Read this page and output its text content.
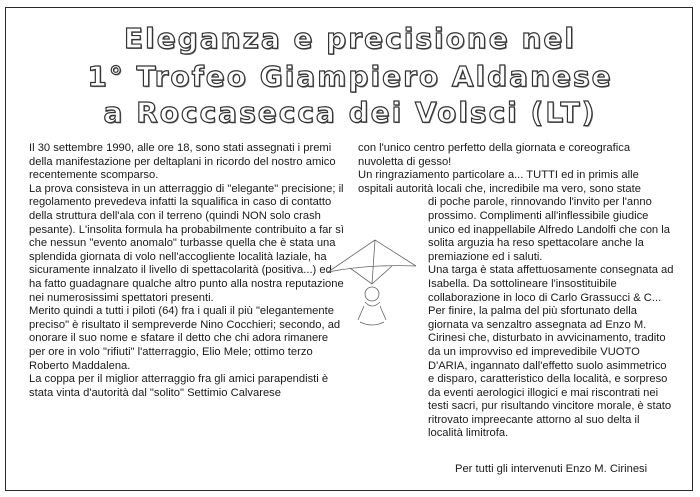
Eleganza e precisione nel
1° Trofeo Giampiero Aldanese
a Roccasecca dei Volsci (LT)

Il 30 settembre 1990, alle ore 18, sono stati assegnati i premi della manifestazione per deltaplani in ricordo del nostro amico recentemente scomparso.

La prova consisteva in un atterraggio di "elegante" precisione; il regolamento prevedeva infatti la squalifica in caso di contatto della struttura dell'ala con il terreno (quindi NON solo crash pesante). L'insolita formula ha probabilmente contribuito a far sì che nessun "evento anomalo" turbasse quella che è stata una splendida giornata di volo nell'accogliente località laziale, ha sicuramente innalzato il livello di spettacolarità (positiva...) ed ha fatto guadagnare qualche altro punto alla nostra reputazione nei numerosissimi spettatori presenti.

Merito quindi a tutti i piloti (64) fra i quali il più "elegantemente preciso" è risultato il sempreverde Nino Cocchieri; secondo, ad onorare il suo nome e sfatare il detto che chi adora rimanere per ore in volo "rifiuti" l'atterraggio, Elio Mele; ottimo terzo Roberto Maddalena.

La coppa per il miglior atterraggio fra gli amici parapendisti è stata vinta d'autorità dal "solito" Settimio Calvarese

con l'unico centro perfetto della giornata e coreografica nuvoletta di gesso!

Un ringraziamento particolare a... TUTTI ed in primis alle ospitali autorità locali che, incredibile ma vero, sono state

di poche parole, rinnovando l'invito per l'anno prossimo. Complimenti all'inflessibile giudice unico ed inappellabile Alfredo Landolfi che con la solita arguzia ha reso spettacolare anche la premiazione ed i saluti.

Una targa è stata affettuosamente consegnata ad Isabella. Da sottolineare l'insostituibile collaborazione in loco di Carlo Grassucci & C...

Per finire, la palma del più sfortunato della giornata va senzaltro assegnata ad Enzo M. Cirinesi che, disturbato in avvicinamento, tradito da un improvviso ed imprevedibile VUOTO D'ARIA, ingannato dall'effetto suolo asimmetrico e disparo, caratteristico della località, e sorpreso da eventi aerologici illogici e mai riscontrati nei testi sacri, pur risultando vincitore morale, è stato ritrovato impreecante attorno al suo delta il località limitrofa.

Per tutti gli intervenuti Enzo M. Cirinesi
